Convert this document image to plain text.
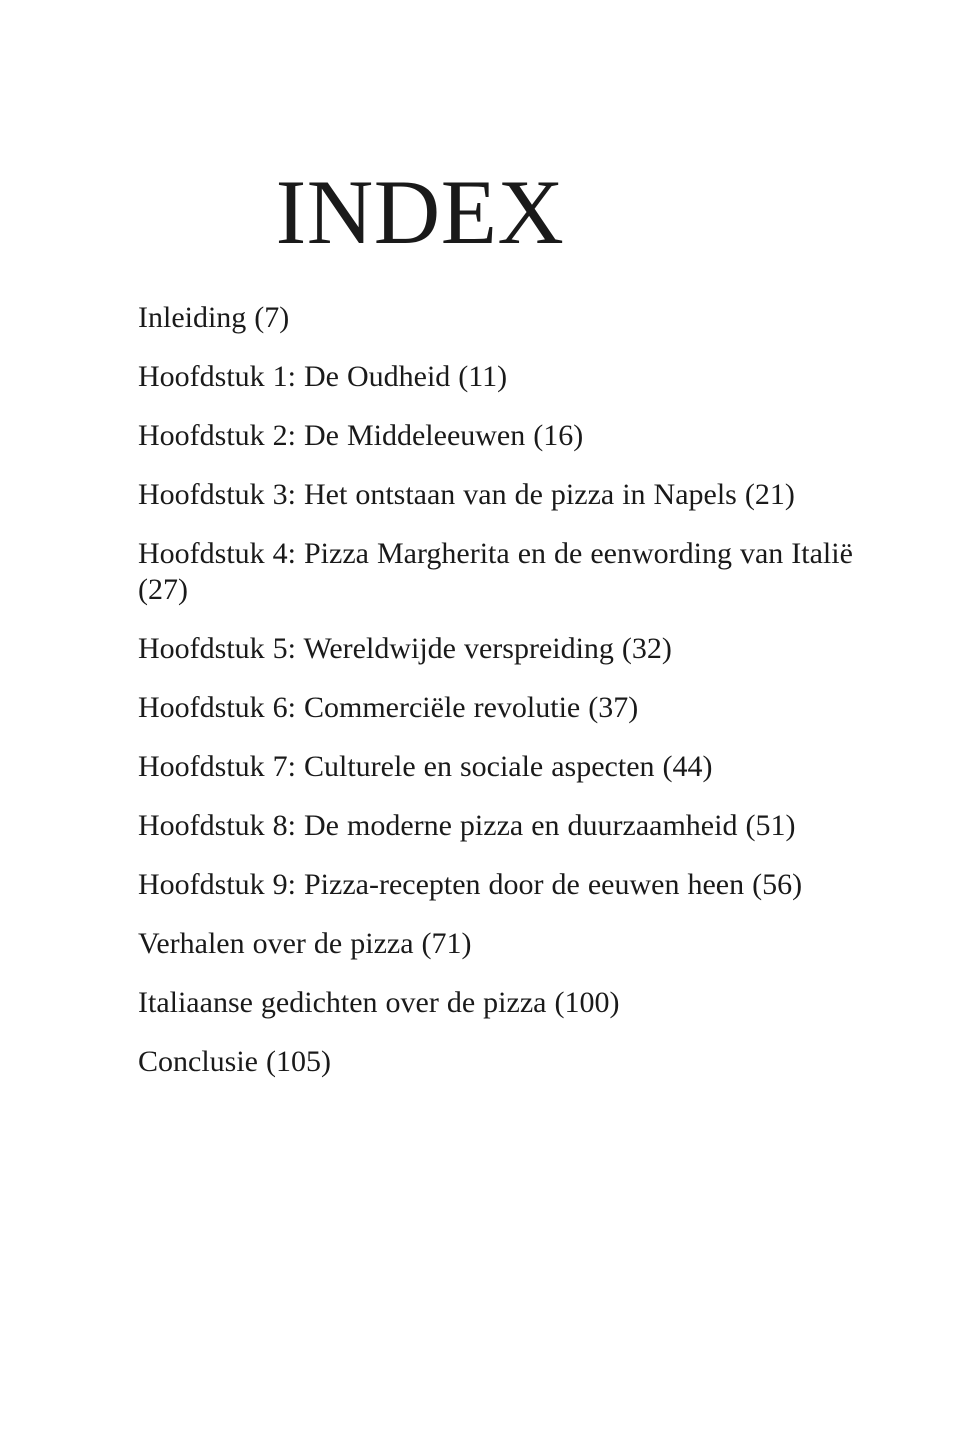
INDEX
Inleiding (7)
Hoofdstuk 1: De Oudheid (11)
Hoofdstuk 2: De Middeleeuwen (16)
Hoofdstuk 3: Het ontstaan van de pizza in Napels (21)
Hoofdstuk 4: Pizza Margherita en de eenwording van Italië (27)
Hoofdstuk 5: Wereldwijde verspreiding (32)
Hoofdstuk 6: Commerciële revolutie (37)
Hoofdstuk 7: Culturele en sociale aspecten (44)
Hoofdstuk 8: De moderne pizza en duurzaamheid (51)
Hoofdstuk 9: Pizza-recepten door de eeuwen heen (56)
Verhalen over de pizza (71)
Italiaanse gedichten over de pizza (100)
Conclusie (105)
